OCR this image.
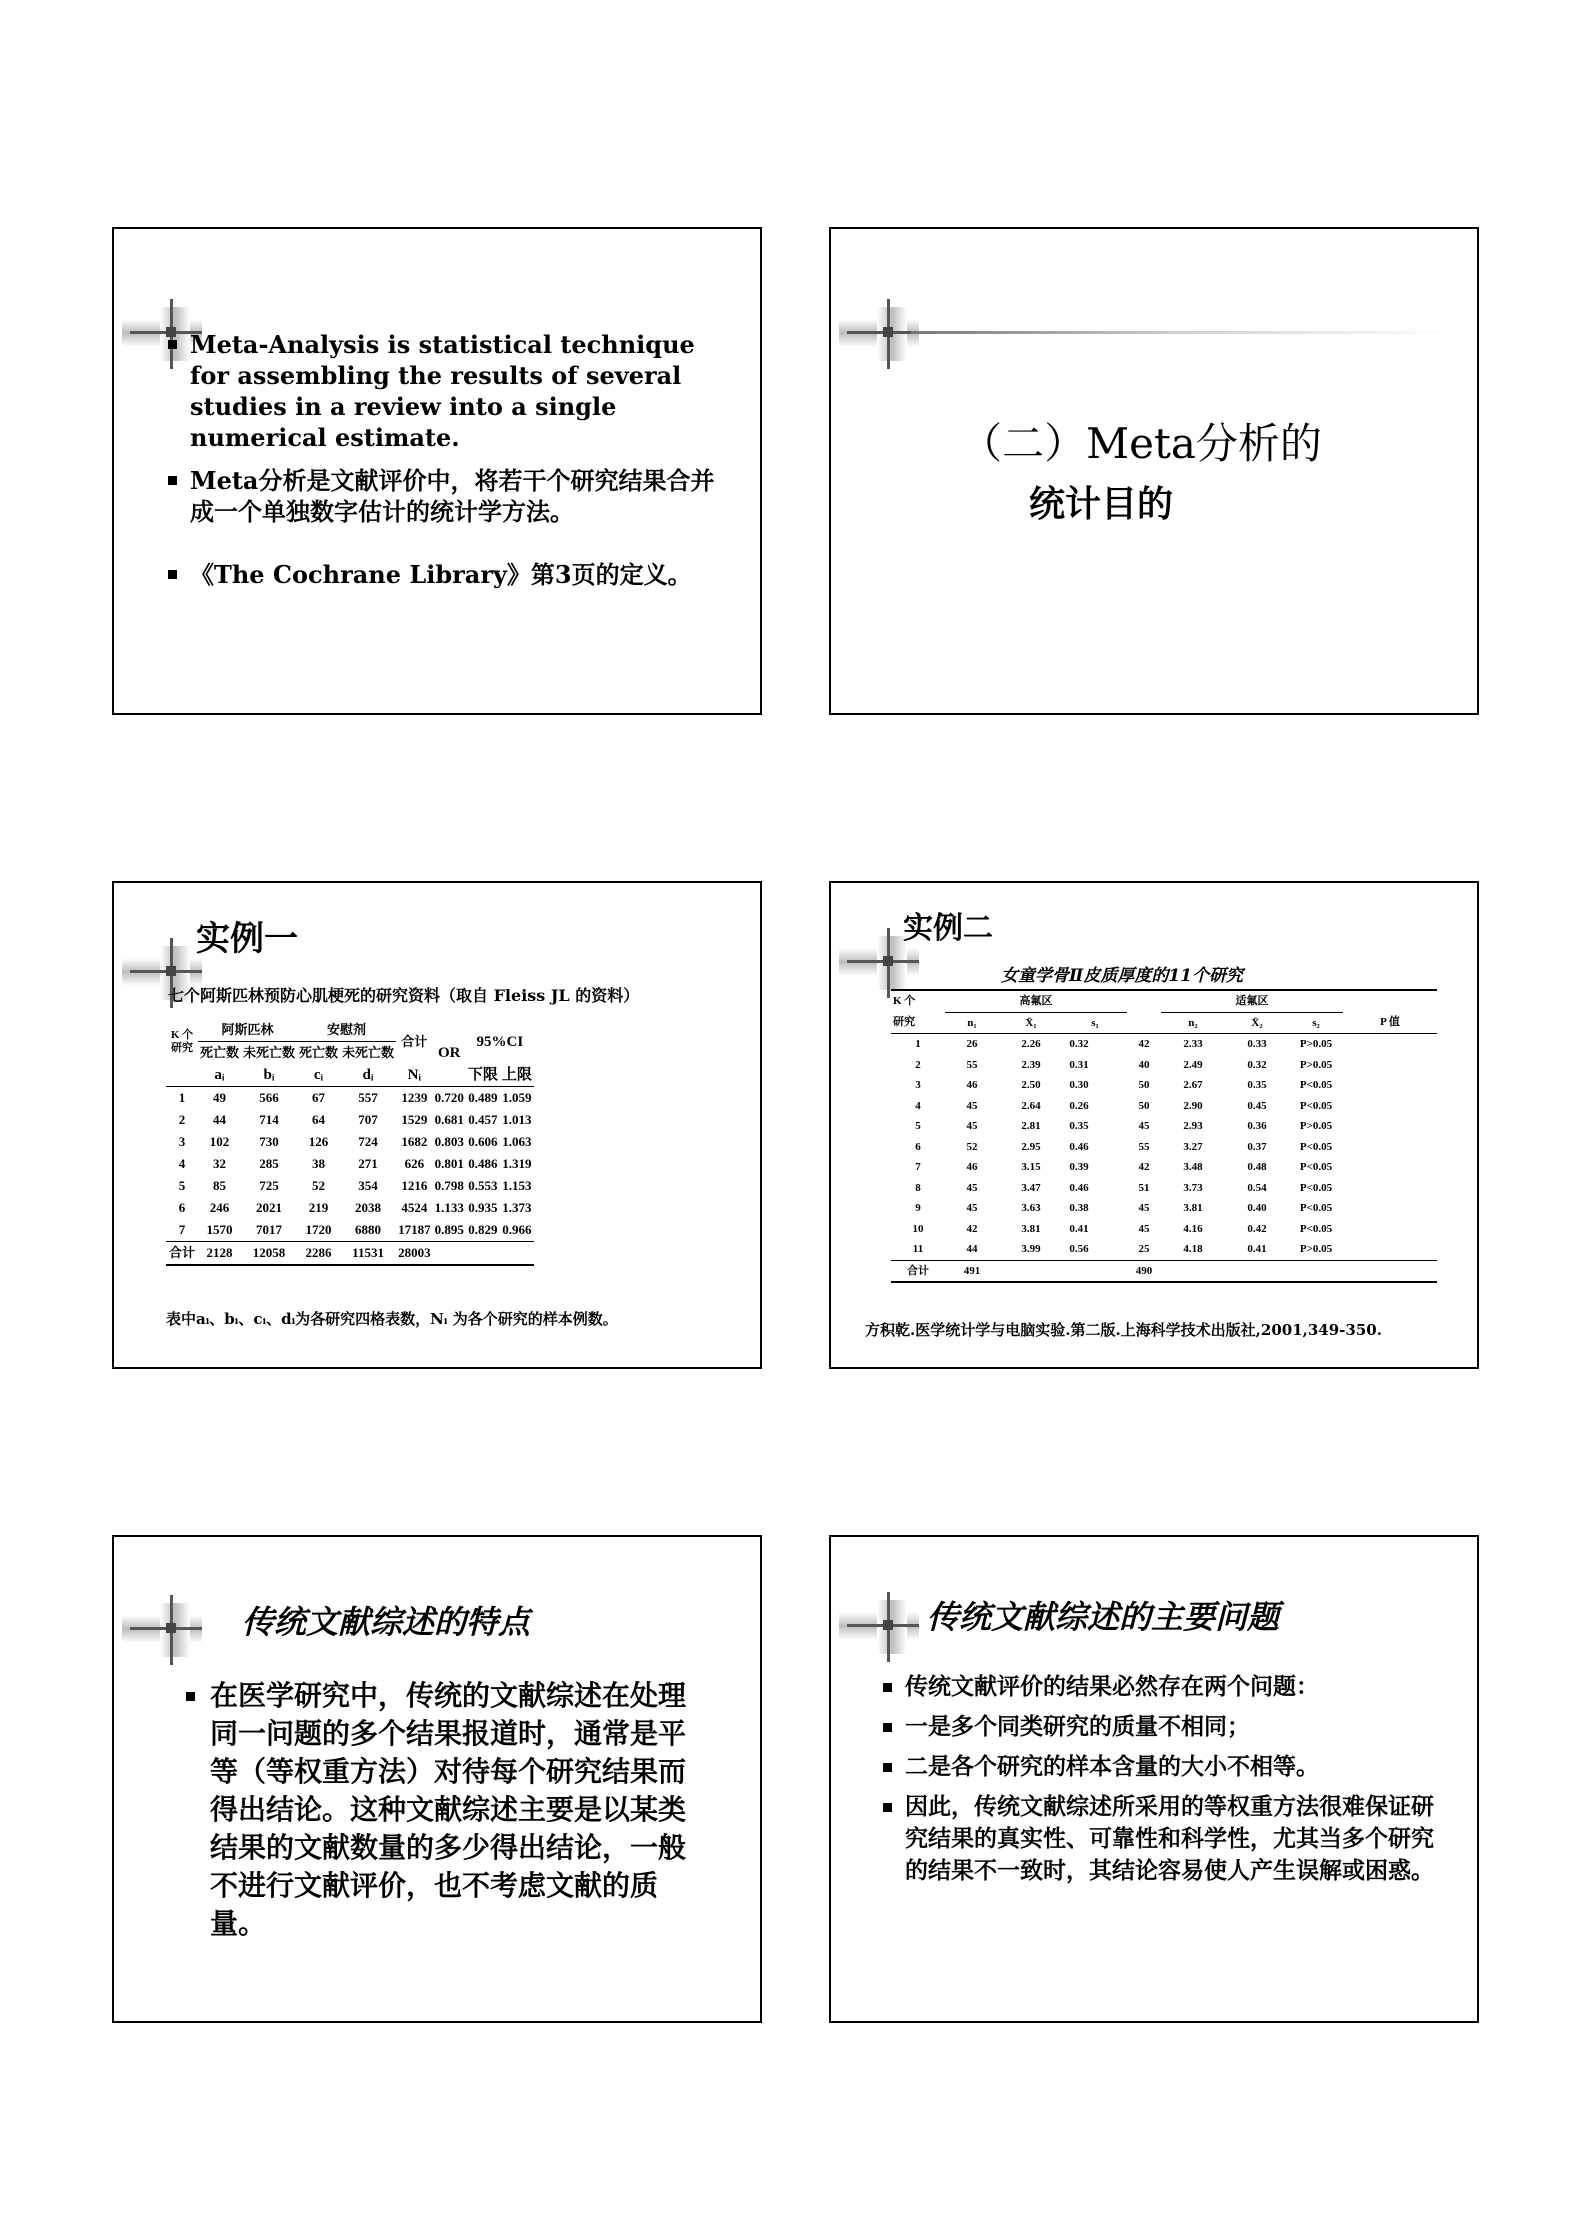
Meta-Analysis is statistical technique for assembling the results of several studies in a review into a single numerical estimate.
Meta分析是文献评价中，将若干个研究结果合并成一个单独数字估计的统计学方法。
《The Cochrane Library》第3页的定义。
（二）Meta分析的
统计目的
实例一
七个阿斯匹林预防心肌梗死的研究资料（取自 Fleiss JL 的资料）
K 个研究	阿斯匹林		安慰剂		合计	OR	95%CI	
	死亡数	未死亡数	死亡数	未死亡数				
	aᵢ	bᵢ	cᵢ	dᵢ	Nᵢ		下限	上限
1	49	566	67	557	1239	0.720	0.489	1.059
2	44	714	64	707	1529	0.681	0.457	1.013
3	102	730	126	724	1682	0.803	0.606	1.063
4	32	285	38	271	626	0.801	0.486	1.319
5	85	725	52	354	1216	0.798	0.553	1.153
6	246	2021	219	2038	4524	1.133	0.935	1.373
7	1570	7017	1720	6880	17187	0.895	0.829	0.966
合计	2128	12058	2286	11531	28003			
表中aᵢ、bᵢ、cᵢ、dᵢ为各研究四格表数，Nᵢ 为各个研究的样本例数。
实例二
女童学骨Ⅱ皮质厚度的11个研究
K 个	高氟区				适氟区			
研究	n₁	X̄₁	s₁		n₂	X̄₂	s₂	P 值
1	26	2.26	0.32	42	2.33	0.33	P>0.05	
2	55	2.39	0.31	40	2.49	0.32	P>0.05	
3	46	2.50	0.30	50	2.67	0.35	P<0.05	
4	45	2.64	0.26	50	2.90	0.45	P<0.05	
5	45	2.81	0.35	45	2.93	0.36	P>0.05	
6	52	2.95	0.46	55	3.27	0.37	P<0.05	
7	46	3.15	0.39	42	3.48	0.48	P<0.05	
8	45	3.47	0.46	51	3.73	0.54	P<0.05	
9	45	3.63	0.38	45	3.81	0.40	P<0.05	
10	42	3.81	0.41	45	4.16	0.42	P<0.05	
11	44	3.99	0.56	25	4.18	0.41	P>0.05	
合计	491			490				
方积乾.医学统计学与电脑实验.第二版.上海科学技术出版社,2001,349-350.
传统文献综述的特点
在医学研究中，传统的文献综述在处理同一问题的多个结果报道时，通常是平等（等权重方法）对待每个研究结果而得出结论。这种文献综述主要是以某类结果的文献数量的多少得出结论，一般不进行文献评价，也不考虑文献的质量。
传统文献综述的主要问题
传统文献评价的结果必然存在两个问题：
一是多个同类研究的质量不相同；
二是各个研究的样本含量的大小不相等。
因此，传统文献综述所采用的等权重方法很难保证研究结果的真实性、可靠性和科学性，尤其当多个研究的结果不一致时，其结论容易使人产生误解或困惑。
